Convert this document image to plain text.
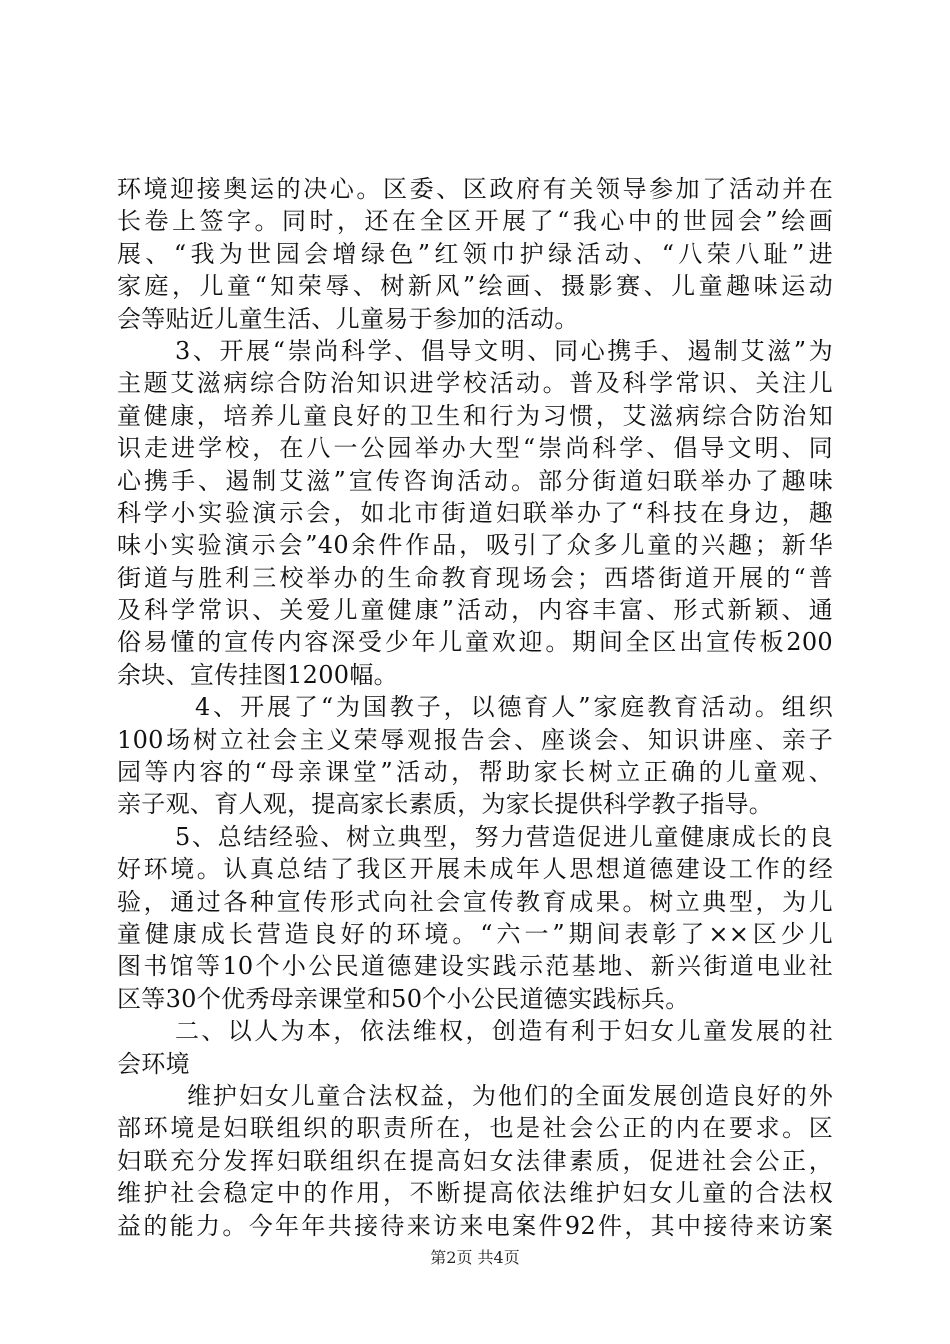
环境迎接奥运的决心。区委、区政府有关领导参加了活动并在
长卷上签字。同时，还在全区开展了“我心中的世园会”绘画
展、“我为世园会增绿色”红领巾护绿活动、“八荣八耻”进
家庭，儿童“知荣辱、树新风”绘画、摄影赛、儿童趣味运动
会等贴近儿童生活、儿童易于参加的活动。
3、开展“崇尚科学、倡导文明、同心携手、遏制艾滋”为
主题艾滋病综合防治知识进学校活动。普及科学常识、关注儿
童健康，培养儿童良好的卫生和行为习惯，艾滋病综合防治知
识走进学校，在八一公园举办大型“崇尚科学、倡导文明、同
心携手、遏制艾滋”宣传咨询活动。部分街道妇联举办了趣味
科学小实验演示会，如北市街道妇联举办了“科技在身边，趣
味小实验演示会”40余件作品，吸引了众多儿童的兴趣；新华
街道与胜利三校举办的生命教育现场会；西塔街道开展的“普
及科学常识、关爱儿童健康”活动，内容丰富、形式新颖、通
俗易懂的宣传内容深受少年儿童欢迎。期间全区出宣传板200
余块、宣传挂图1200幅。
4、开展了“为国教子，以德育人”家庭教育活动。组织
100场树立社会主义荣辱观报告会、座谈会、知识讲座、亲子
园等内容的“母亲课堂”活动，帮助家长树立正确的儿童观、
亲子观、育人观，提高家长素质，为家长提供科学教子指导。
5、总结经验、树立典型，努力营造促进儿童健康成长的良
好环境。认真总结了我区开展未成年人思想道德建设工作的经
验，通过各种宣传形式向社会宣传教育成果。树立典型，为儿
童健康成长营造良好的环境。“六一”期间表彰了××区少儿
图书馆等10个小公民道德建设实践示范基地、新兴街道电业社
区等30个优秀母亲课堂和50个小公民道德实践标兵。
二、以人为本，依法维权，创造有利于妇女儿童发展的社
会环境
维护妇女儿童合法权益，为他们的全面发展创造良好的外
部环境是妇联组织的职责所在，也是社会公正的内在要求。区
妇联充分发挥妇联组织在提高妇女法律素质，促进社会公正，
维护社会稳定中的作用，不断提高依法维护妇女儿童的合法权
益的能力。今年年共接待来访来电案件92件，其中接待来访案
第2页 共4页
